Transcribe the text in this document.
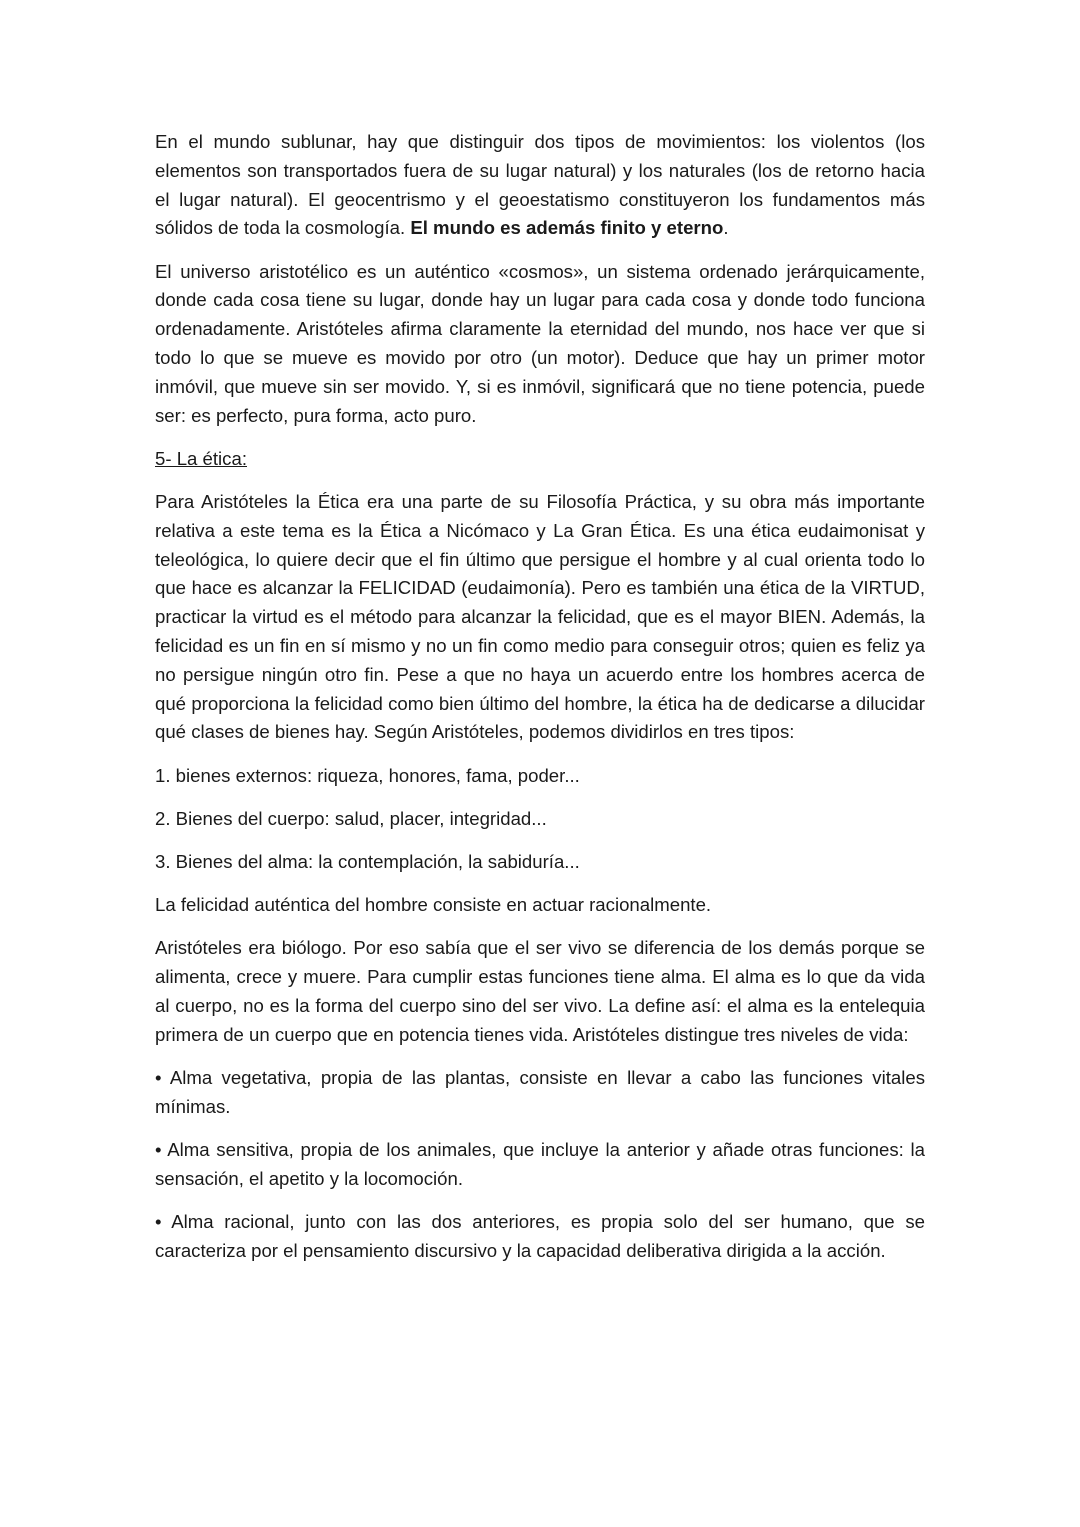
En el mundo sublunar, hay que distinguir dos tipos de movimientos: los violentos (los elementos son transportados fuera de su lugar natural) y los naturales (los de retorno hacia el lugar natural). El geocentrismo y el geoestatismo constituyeron los fundamentos más sólidos de toda la cosmología. El mundo es además finito y eterno.

El universo aristotélico es un auténtico «cosmos», un sistema ordenado jerárquicamente, donde cada cosa tiene su lugar, donde hay un lugar para cada cosa y donde todo funciona ordenadamente. Aristóteles afirma claramente la eternidad del mundo, nos hace ver que si todo lo que se mueve es movido por otro (un motor). Deduce que hay un primer motor inmóvil, que mueve sin ser movido. Y, si es inmóvil, significará que no tiene potencia, puede ser: es perfecto, pura forma, acto puro.

5- La ética:

Para Aristóteles la Ética era una parte de su Filosofía Práctica, y su obra más importante relativa a este tema es la Ética a Nicómaco y La Gran Ética. Es una ética eudaimonisat y teleológica, lo quiere decir que el fin último que persigue el hombre y al cual orienta todo lo que hace es alcanzar la FELICIDAD (eudaimonía). Pero es también una ética de la VIRTUD, practicar la virtud es el método para alcanzar la felicidad, que es el mayor BIEN. Además, la felicidad es un fin en sí mismo y no un fin como medio para conseguir otros; quien es feliz ya no persigue ningún otro fin. Pese a que no haya un acuerdo entre los hombres acerca de qué proporciona la felicidad como bien último del hombre, la ética ha de dedicarse a dilucidar qué clases de bienes hay. Según Aristóteles, podemos dividirlos en tres tipos:

1. bienes externos: riqueza, honores, fama, poder...

2. Bienes del cuerpo: salud, placer, integridad...

3. Bienes del alma: la contemplación, la sabiduría...

La felicidad auténtica del hombre consiste en actuar racionalmente.

Aristóteles era biólogo. Por eso sabía que el ser vivo se diferencia de los demás porque se alimenta, crece y muere. Para cumplir estas funciones tiene alma. El alma es lo que da vida al cuerpo, no es la forma del cuerpo sino del ser vivo. La define así: el alma es la entelequia primera de un cuerpo que en potencia tienes vida. Aristóteles distingue tres niveles de vida:

• Alma vegetativa, propia de las plantas, consiste en llevar a cabo las funciones vitales mínimas.

• Alma sensitiva, propia de los animales, que incluye la anterior y añade otras funciones: la sensación, el apetito y la locomoción.

• Alma racional, junto con las dos anteriores, es propia solo del ser humano, que se caracteriza por el pensamiento discursivo y la capacidad deliberativa dirigida a la acción.
